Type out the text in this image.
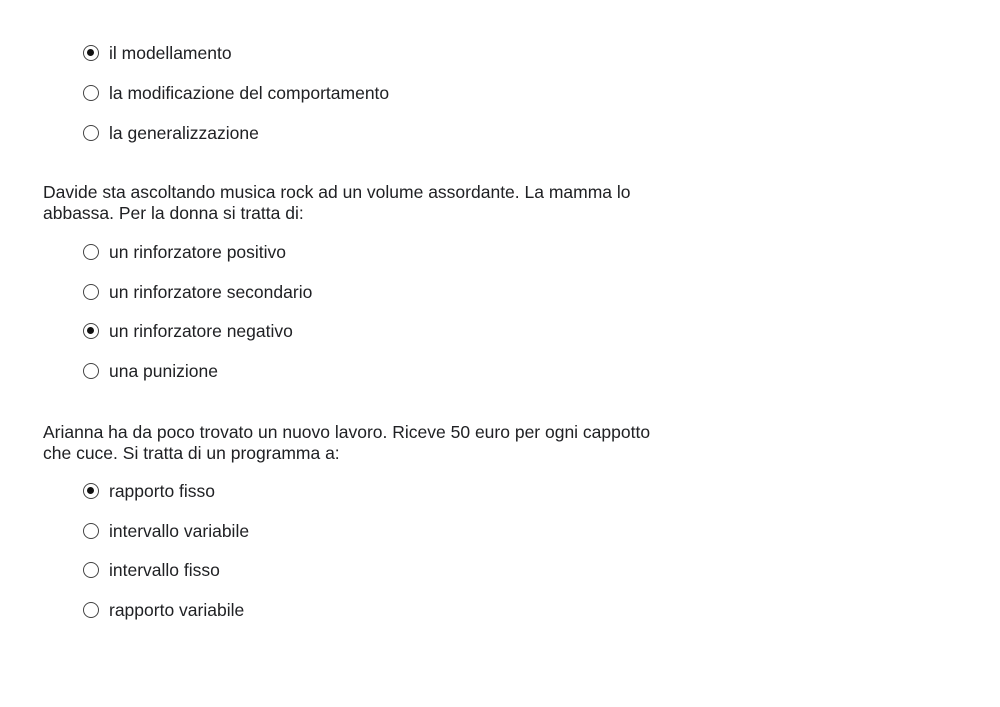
il modellamento
la modificazione del comportamento
la generalizzazione
Davide sta ascoltando musica rock ad un volume assordante. La mamma lo
abbassa. Per la donna si tratta di:
un rinforzatore positivo
un rinforzatore secondario
un rinforzatore negativo
una punizione
Arianna ha da poco trovato un nuovo lavoro. Riceve 50 euro per ogni cappotto
che cuce. Si tratta di un programma a:
rapporto fisso
intervallo variabile
intervallo fisso
rapporto variabile
